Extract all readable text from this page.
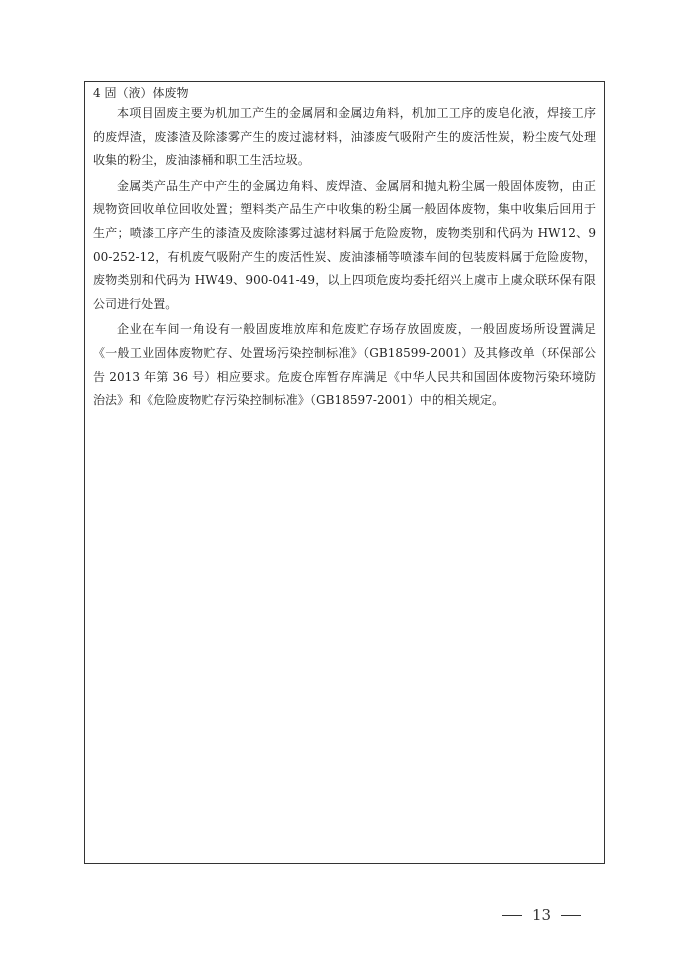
4 固（液）体废物

本项目固废主要为机加工产生的金属屑和金属边角料，机加工工序的废皂化液，焊接工序的废焊渣，废漆渣及除漆雾产生的废过滤材料，油漆废气吸附产生的废活性炭，粉尘废气处理收集的粉尘，废油漆桶和职工生活垃圾。

金属类产品生产中产生的金属边角料、废焊渣、金属屑和抛丸粉尘属一般固体废物，由正规物资回收单位回收处置；塑料类产品生产中收集的粉尘属一般固体废物，集中收集后回用于生产；喷漆工序产生的漆渣及废除漆雾过滤材料属于危险废物，废物类别和代码为 HW12、900-252-12，有机废气吸附产生的废活性炭、废油漆桶等喷漆车间的包装废料属于危险废物，废物类别和代码为 HW49、900-041-49，以上四项危废均委托绍兴上虞市上虞众联环保有限公司进行处置。

企业在车间一角设有一般固废堆放库和危废贮存场存放固废废，一般固废场所设置满足《一般工业固体废物贮存、处置场污染控制标准》（GB18599-2001）及其修改单（环保部公告 2013 年第 36 号）相应要求。危废仓库暂存库满足《中华人民共和国固体废物污染环境防治法》和《危险废物贮存污染控制标准》（GB18597-2001）中的相关规定。

13
